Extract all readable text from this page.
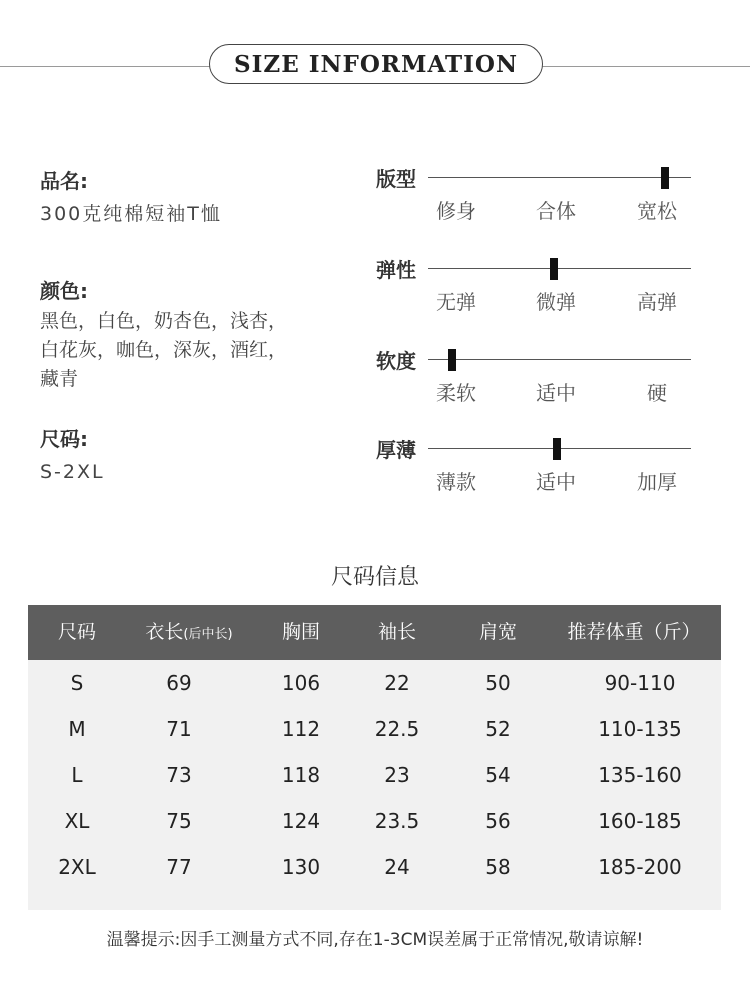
SIZE INFORMATION
品名:
300克纯棉短袖T恤
颜色:
黑色，白色，奶杏色，浅杏，
白花灰，咖色，深灰，酒红，
藏青
尺码:
S-2XL
版型
修身	合体	宽松
弹性
无弹	微弹	高弹
软度
柔软	适中	硬
厚薄
薄款	适中	加厚
尺码信息
尺码	衣长(后中长)	胸围	袖长	肩宽	推荐体重（斤）
S	69	106	22	50	90-110
M	71	112	22.5	52	110-135
L	73	118	23	54	135-160
XL	75	124	23.5	56	160-185
2XL	77	130	24	58	185-200
温馨提示:因手工测量方式不同,存在1-3CM误差属于正常情况,敬请谅解!
